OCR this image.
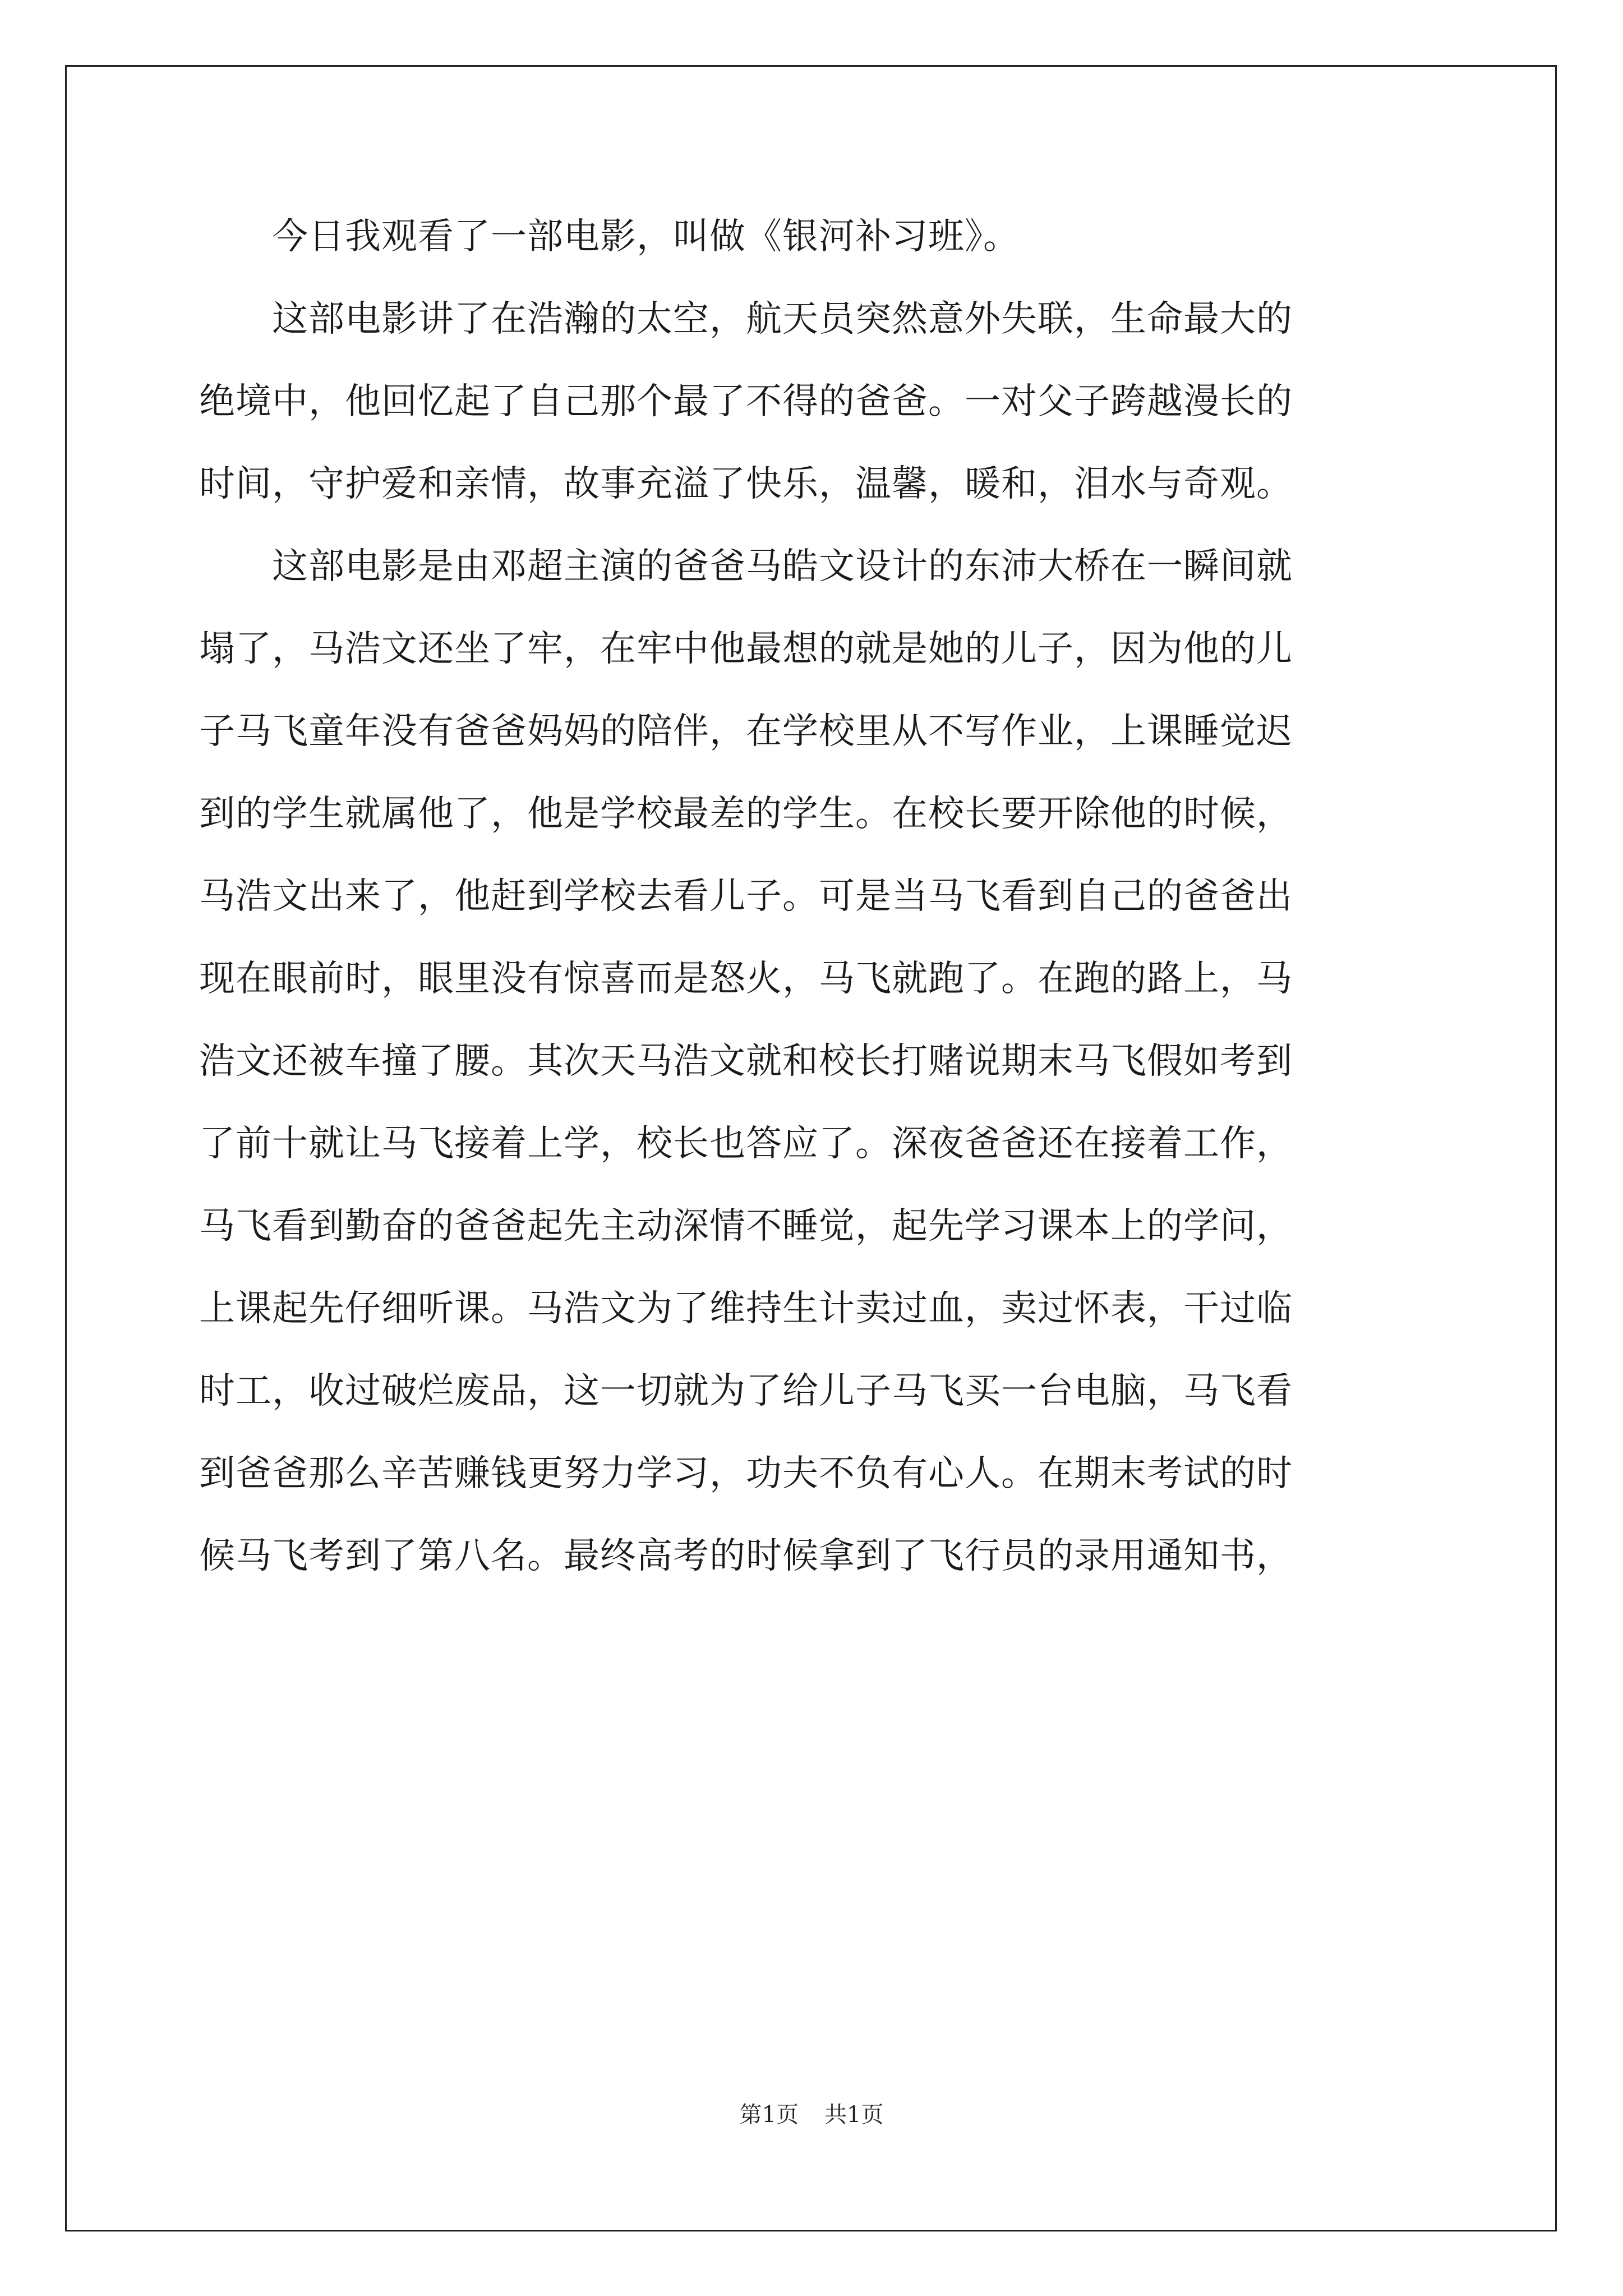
　　今日我观看了一部电影，叫做《银河补习班》。
　　这部电影讲了在浩瀚的太空，航天员突然意外失联，生命最大的
绝境中，他回忆起了自己那个最了不得的爸爸。一对父子跨越漫长的
时间，守护爱和亲情，故事充溢了快乐，温馨，暖和，泪水与奇观。
　　这部电影是由邓超主演的爸爸马皓文设计的东沛大桥在一瞬间就
塌了，马浩文还坐了牢，在牢中他最想的就是她的儿子，因为他的儿
子马飞童年没有爸爸妈妈的陪伴，在学校里从不写作业，上课睡觉迟
到的学生就属他了，他是学校最差的学生。在校长要开除他的时候，
马浩文出来了，他赶到学校去看儿子。可是当马飞看到自己的爸爸出
现在眼前时，眼里没有惊喜而是怒火，马飞就跑了。在跑的路上，马
浩文还被车撞了腰。其次天马浩文就和校长打赌说期末马飞假如考到
了前十就让马飞接着上学，校长也答应了。深夜爸爸还在接着工作，
马飞看到勤奋的爸爸起先主动深情不睡觉，起先学习课本上的学问，
上课起先仔细听课。马浩文为了维持生计卖过血，卖过怀表，干过临
时工，收过破烂废品，这一切就为了给儿子马飞买一台电脑，马飞看
到爸爸那么辛苦赚钱更努力学习，功夫不负有心人。在期末考试的时
候马飞考到了第八名。最终高考的时候拿到了飞行员的录用通知书，
第1页 共1页
